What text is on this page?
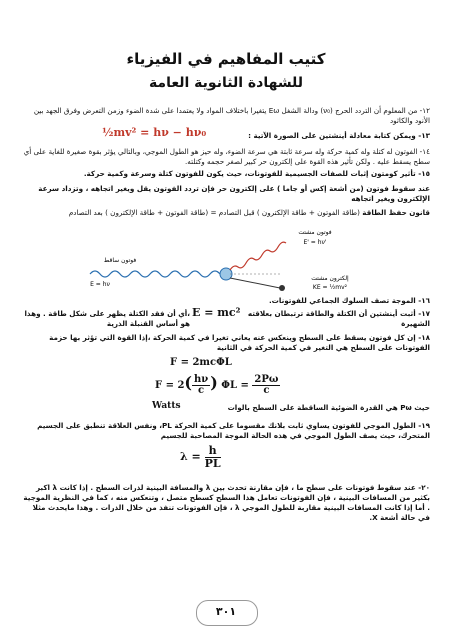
كتيب المفاهيم في الفيزياء
للشهادة الثانوية العامة
١٢- من المعلوم أن التردد الحرج (ν₀) ودالة الشغل Eω يتغيرا باختلاف المواد ولا يعتمدا على شدة الضوء وزمن التعرض وفرق الجهد بين الأنود والكاثود
١٣- ويمكن كتابة معادلة أينشتين على الصورة الآتية :
½mv² = hν − hν₀
١٤- الفوتون له كتلة وله كمية حركة وله سرعة ثابتة هي سرعة الضوء، وله حيز هو الطول الموجي، وبالتالي يؤثر بقوة صغيرة للغاية على أي سطح يسقط عليه . ولكن تأثير هذه القوة على إلكترون حر كبير لصغر حجمه وكتلته.
١٥- تأثير كومتون إثبات للصفات الجسيمية للفوتونات، حيث يكون للفوتون كتلة وسرعة وكمية حركة.
عند سقوط فوتون (من أشعة إكس أو جاما ) على إلكترون حر فإن تردد الفوتون يقل ويغير اتجاهه ، وتزداد سرعة الإلكترون ويغير اتجاهه
قانون حفظ الطاقة (طاقة الفوتون + طاقة الإلكترون ) قبل التصادم = (طاقة الفوتون + طاقة الإلكترون ) بعد التصادم
فوتون ساقط
E = hν
فوتون مشتت
E' = hν'
إلكترون مشتت
KE = ½mv²
١٦- الموجة تصف السلوك الجماعي للفوتونات.
١٧- أثبت أينشتين أن الكتلة والطاقة ترتبطان بعلاقته الشهيرة
E = mc²
،أي أن فقد الكتلة يظهر على شكل طاقة . وهذا هو أساس القنبلة الذرية
١٨- إن كل فوتون يسقط على السطح وينعكس عنه يعاني تغيرا في كمية الحركة ،إذا القوة التي تؤثر بها حزمة الفوتونات على السطح هي التغير في كمية الحركة في الثانية
F = 2mcΦL
$F = 2( \frac{h\nu}{c}$ ) $\Phi L = \frac{2P\omega}{c}$
حيث Pω هي القدرة الضوئية الساقطة على السطح بالوات
Watts
١٩- الطول الموجي للفوتون يساوي ثابت بلانك مقسوما على كمية الحركة PL، ونفس العلاقة تنطبق على الجسيم المتحرك، حيث يصف الطول الموجي في هذه الحالة الموجة المصاحبة للجسيم
$\lambda = \frac{h}{PL}$
٢٠- عند سقوط فوتونات على سطح ما ، فإن مقارنة تحدث بين λ والمسافة البينية لذرات السطح . إذا كانت λ اكبر بكثير من المسافات البينية ، فإن الفوتونات تعامل هذا السطح كسطح متصل ، وتنعكس منه ، كما في النظرية الموجية . أما إذا كانت المسافات البينية مقاربة للطول الموجي λ ، فإن الفوتونات تنفذ من خلال الذرات . وهذا مايحدث مثلا في حالة أشعة X.
٣٠١
